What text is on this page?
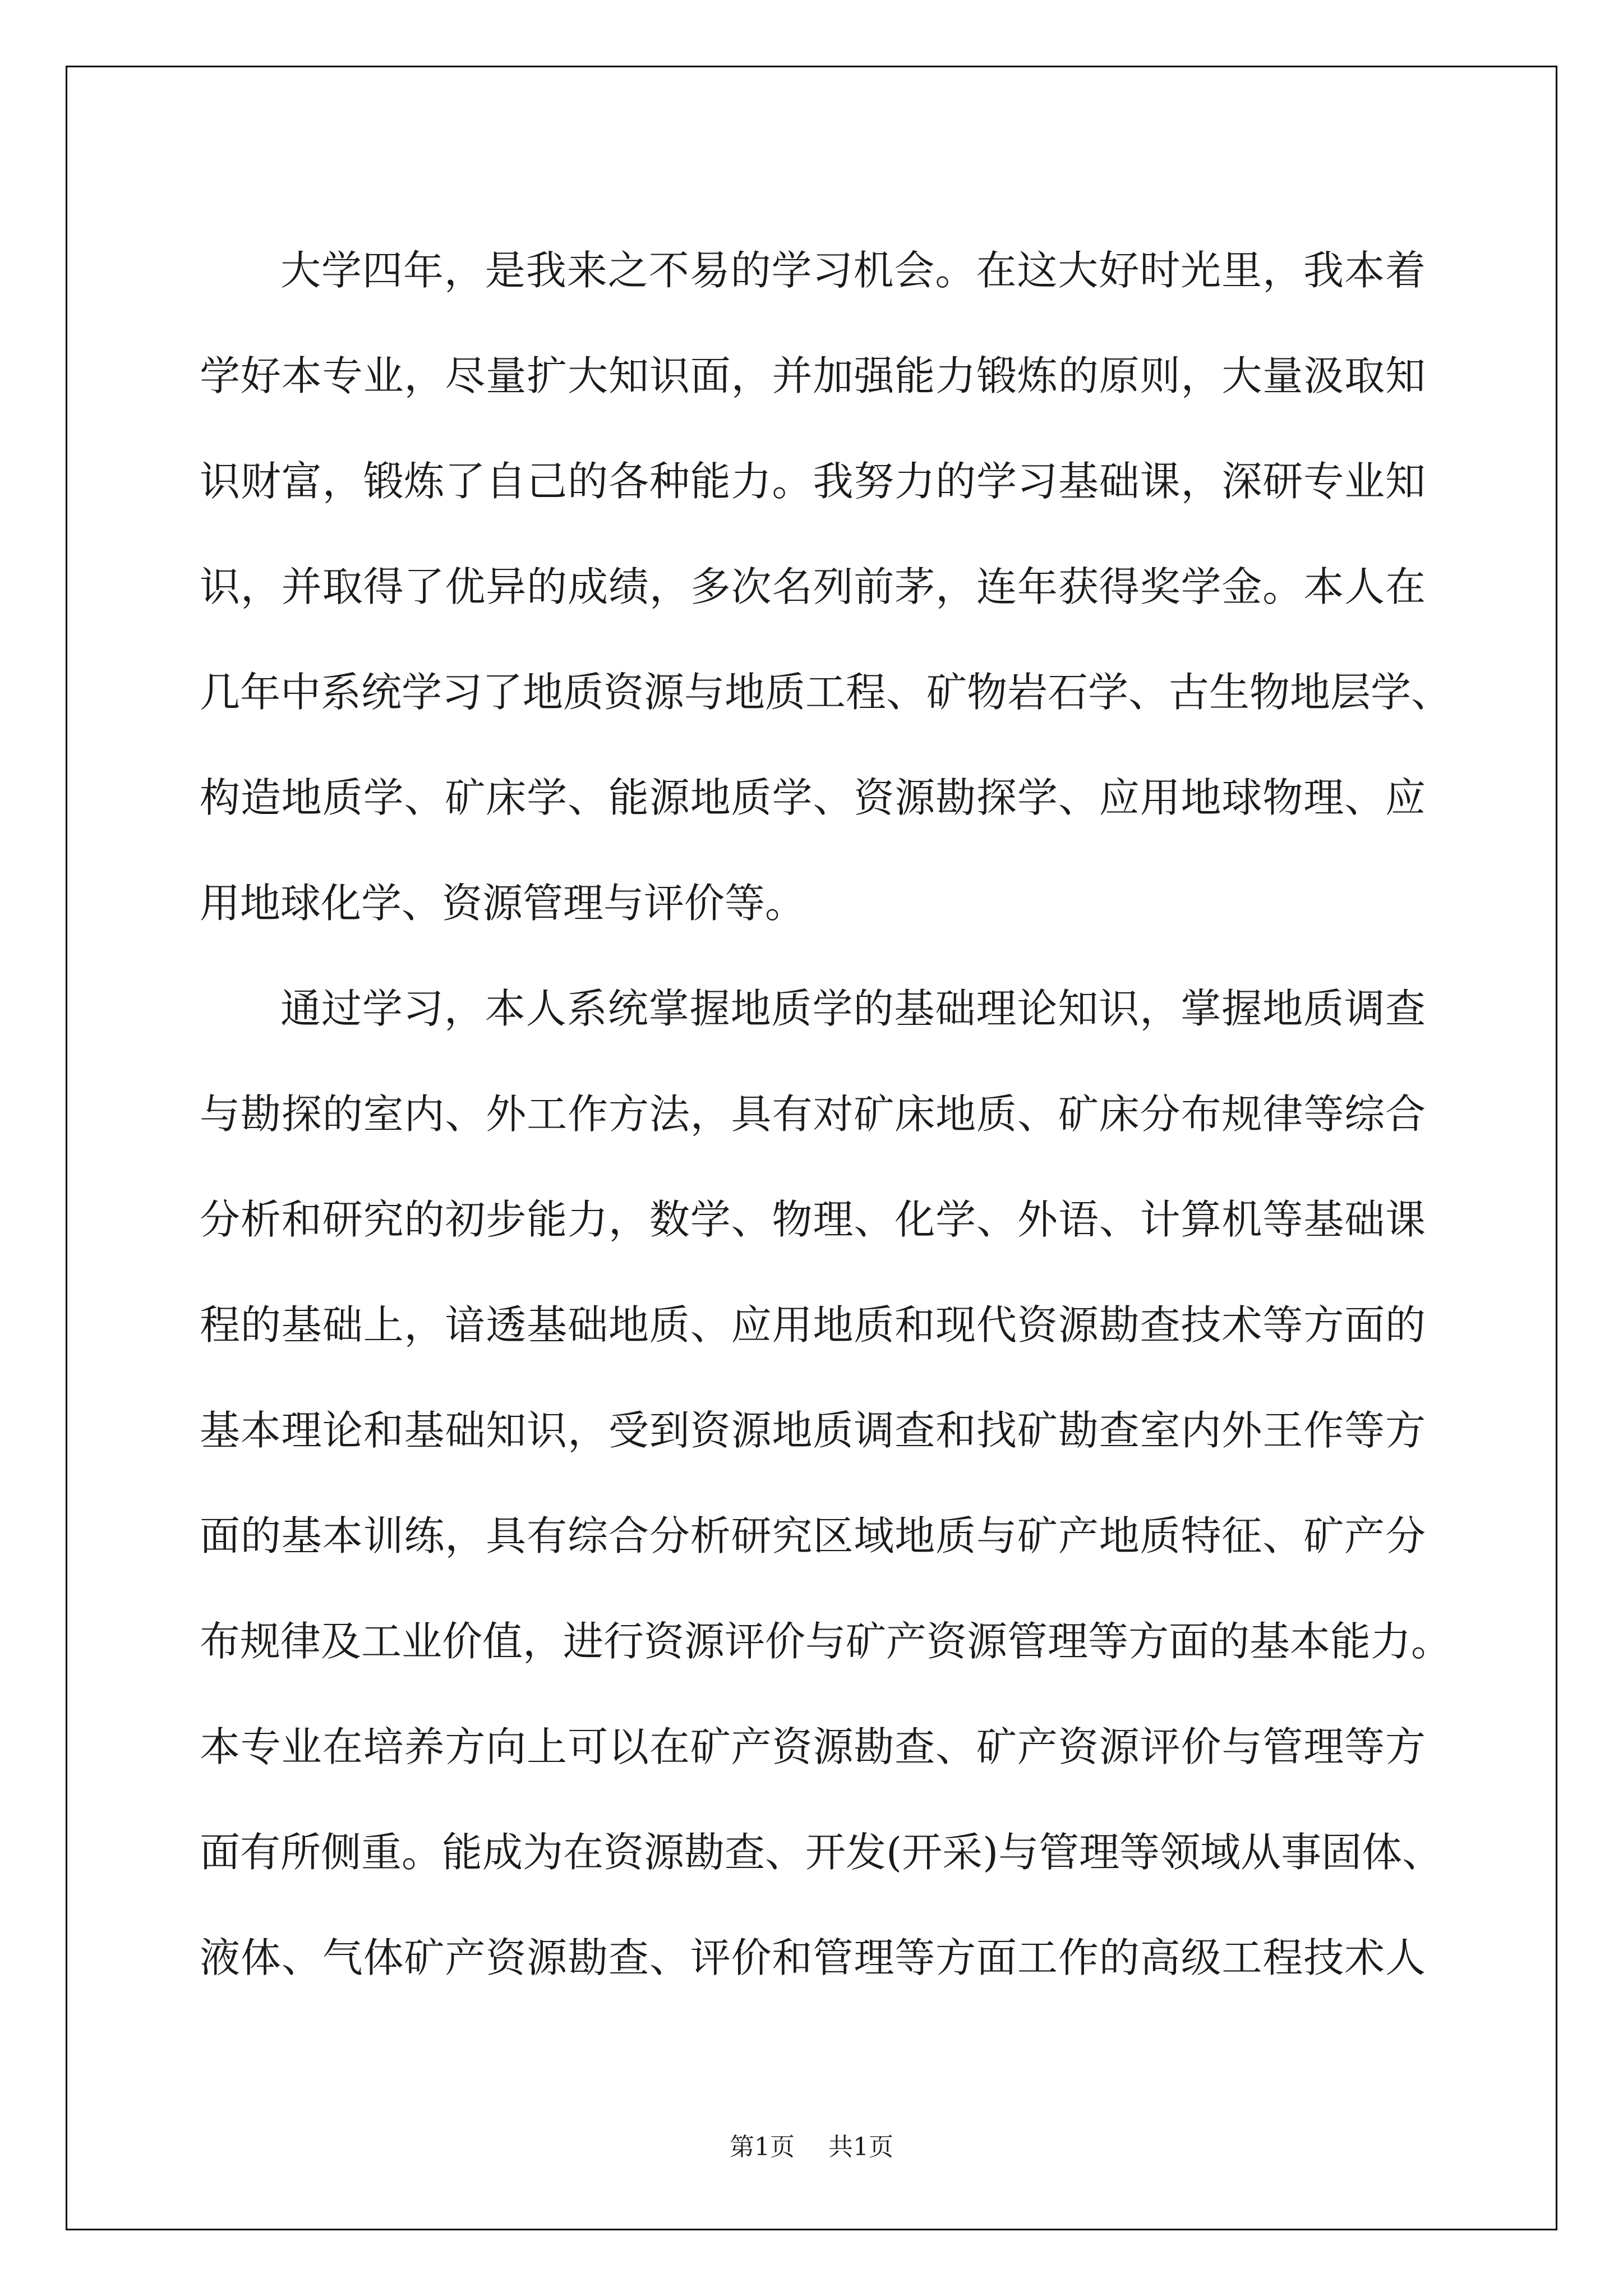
大学四年，是我来之不易的学习机会。在这大好时光里，我本着
学好本专业，尽量扩大知识面，并加强能力锻炼的原则，大量汲取知
识财富，锻炼了自己的各种能力。我努力的学习基础课，深研专业知
识，并取得了优异的成绩，多次名列前茅，连年获得奖学金。本人在
几年中系统学习了地质资源与地质工程、矿物岩石学、古生物地层学、
构造地质学、矿床学、能源地质学、资源勘探学、应用地球物理、应
用地球化学、资源管理与评价等。
通过学习，本人系统掌握地质学的基础理论知识，掌握地质调查
与勘探的室内、外工作方法，具有对矿床地质、矿床分布规律等综合
分析和研究的初步能力，数学、物理、化学、外语、计算机等基础课
程的基础上，谙透基础地质、应用地质和现代资源勘查技术等方面的
基本理论和基础知识，受到资源地质调查和找矿勘查室内外王作等方
面的基本训练，具有综合分析研究区域地质与矿产地质特征、矿产分
布规律及工业价值，进行资源评价与矿产资源管理等方面的基本能力。
本专业在培养方向上可以在矿产资源勘查、矿产资源评价与管理等方
面有所侧重。能成为在资源勘查、开发(开采)与管理等领域从事固体、
液体、气体矿产资源勘查、评价和管理等方面工作的高级工程技术人
第1页 共1页
